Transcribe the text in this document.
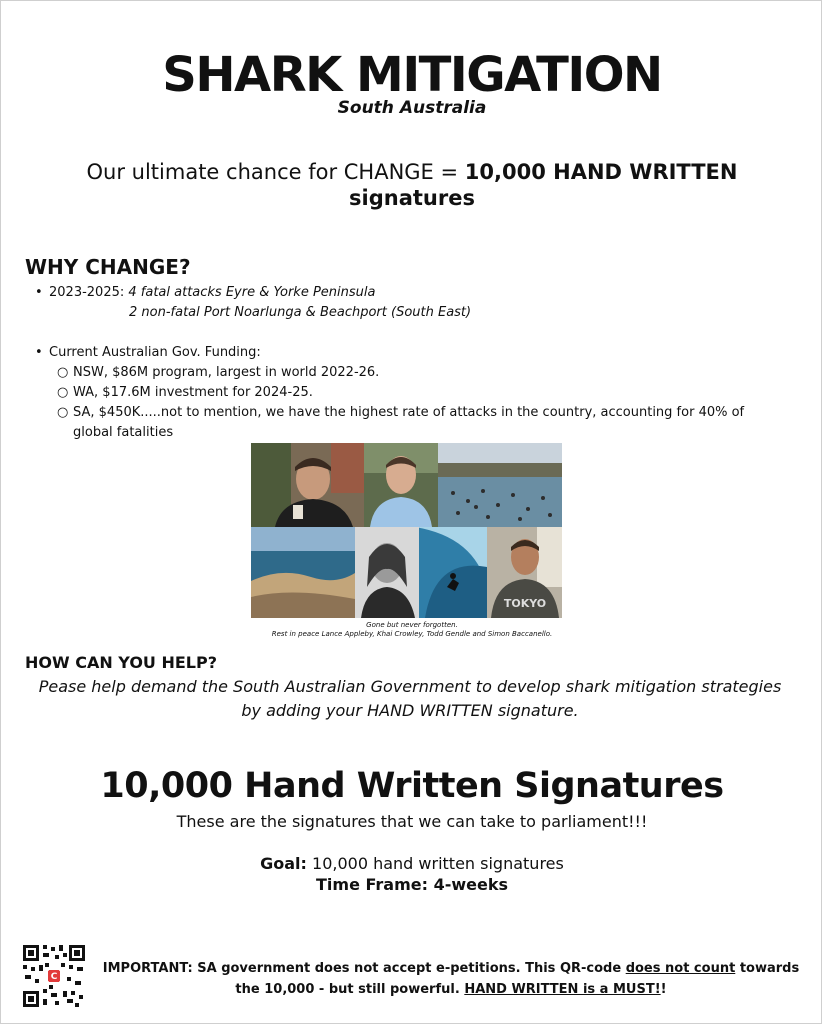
SHARK MITIGATION
South Australia
Our ultimate chance for CHANGE = 10,000 HAND WRITTEN signatures
WHY CHANGE?
• 2023-2025: 4 fatal attacks Eyre & Yorke Peninsula
2 non-fatal Port Noarlunga & Beachport (South East)
• Current Australian Gov. Funding:
○ NSW, $86M program, largest in world 2022-26.
○ WA, $17.6M investment for 2024-25.
○ SA, $450K.....not to mention, we have the highest rate of attacks in the country, accounting for 40% of global fatalities
TOKYO
Gone but never forgotten.
Rest in peace Lance Appleby, Khai Crowley, Todd Gendle and Simon Baccanello.
HOW CAN YOU HELP?
Pease help demand the South Australian Government to develop shark mitigation strategies by adding your HAND WRITTEN signature.
10,000 Hand Written Signatures
These are the signatures that we can take to parliament!!!
Goal: 10,000 hand written signatures
Time Frame: 4-weeks
C
IMPORTANT: SA government does not accept e-petitions. This QR-code does not count towards the 10,000 - but still powerful. HAND WRITTEN is a MUST!!
